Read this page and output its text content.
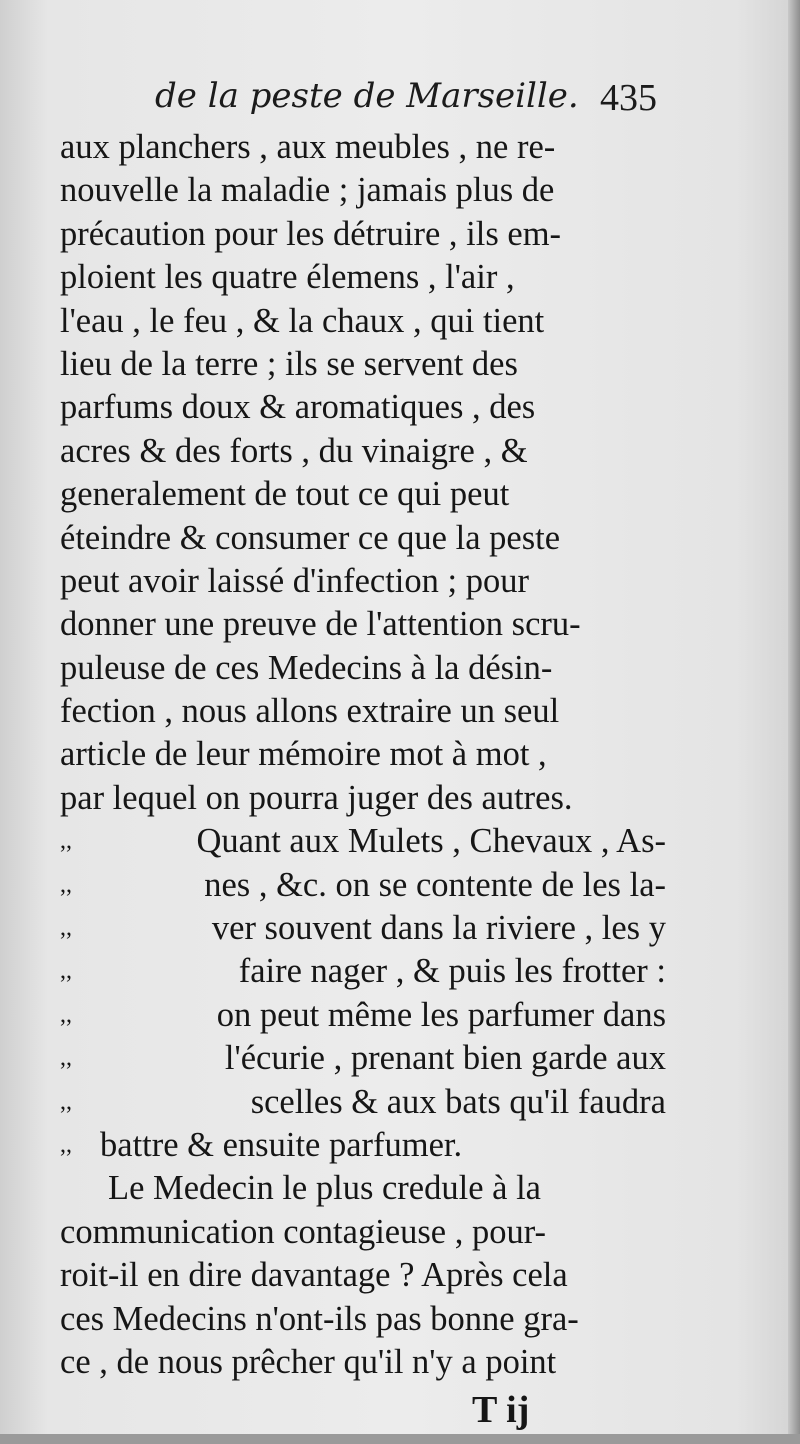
de la peste de Marseille. 435
aux planchers , aux meubles , ne re-
nouvelle la maladie ; jamais plus de
précaution pour les détruire , ils em-
ploient les quatre élemens , l'air ,
l'eau , le feu , & la chaux , qui tient
lieu de la terre ; ils se servent des
parfums doux & aromatiques , des
acres & des forts , du vinaigre , &
generalement de tout ce qui peut
éteindre & consumer ce que la peste
peut avoir laissé d'infection ; pour
donner une preuve de l'attention scru-
puleuse de ces Medecins à la désin-
fection , nous allons extraire un seul
article de leur mémoire mot à mot ,
par lequel on pourra juger des autres.
,,	Quant aux Mulets , Chevaux , As-
,,	nes , &c. on se contente de les la-
,,	ver souvent dans la riviere , les y
,,	faire nager , & puis les frotter :
,,	on peut même les parfumer dans
,,	l'écurie , prenant bien garde aux
,,	scelles & aux bats qu'il faudra
,, battre & ensuite parfumer.
Le Medecin le plus credule à la
communication contagieuse , pour-
roit-il en dire davantage ? Après cela
ces Medecins n'ont-ils pas bonne gra-
ce , de nous prêcher qu'il n'y a point
T ij
